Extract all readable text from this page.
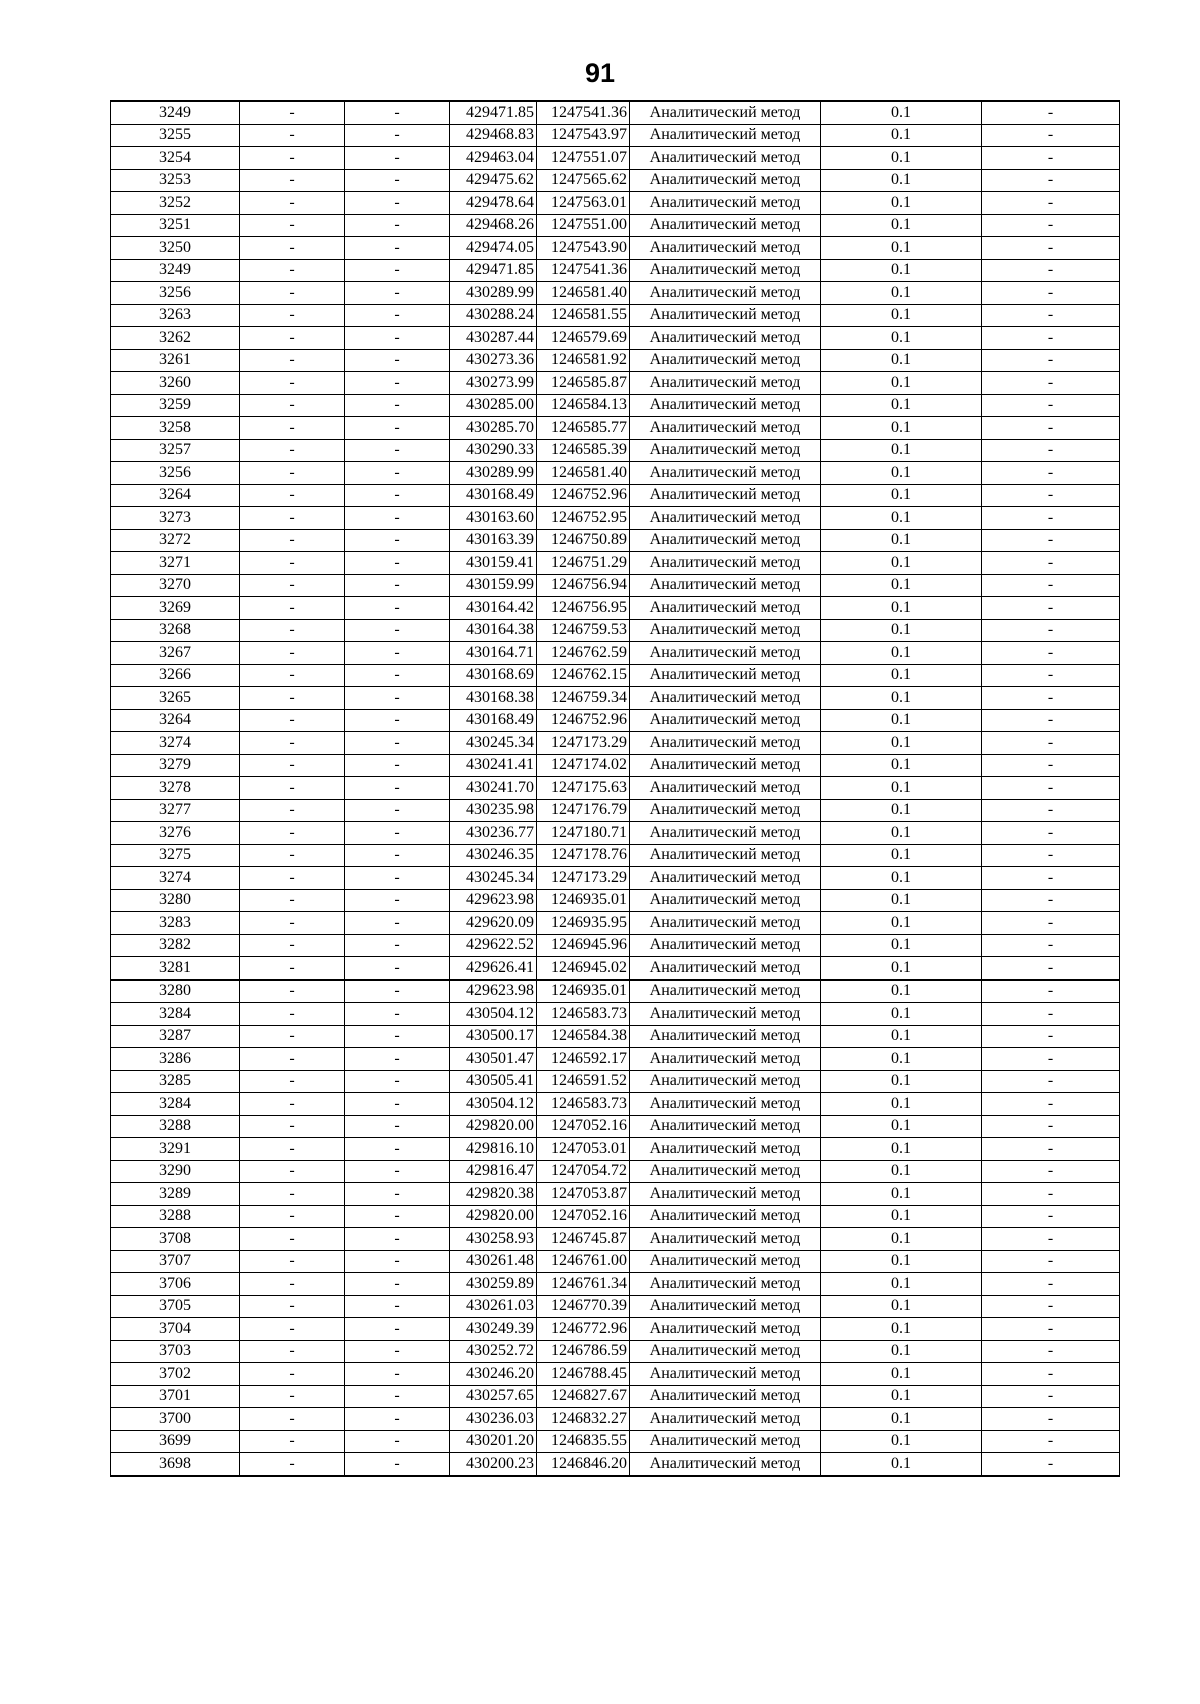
91
3249	-	-	429471.85	1247541.36	Аналитический метод	0.1	-
3255	-	-	429468.83	1247543.97	Аналитический метод	0.1	-
3254	-	-	429463.04	1247551.07	Аналитический метод	0.1	-
3253	-	-	429475.62	1247565.62	Аналитический метод	0.1	-
3252	-	-	429478.64	1247563.01	Аналитический метод	0.1	-
3251	-	-	429468.26	1247551.00	Аналитический метод	0.1	-
3250	-	-	429474.05	1247543.90	Аналитический метод	0.1	-
3249	-	-	429471.85	1247541.36	Аналитический метод	0.1	-
3256	-	-	430289.99	1246581.40	Аналитический метод	0.1	-
3263	-	-	430288.24	1246581.55	Аналитический метод	0.1	-
3262	-	-	430287.44	1246579.69	Аналитический метод	0.1	-
3261	-	-	430273.36	1246581.92	Аналитический метод	0.1	-
3260	-	-	430273.99	1246585.87	Аналитический метод	0.1	-
3259	-	-	430285.00	1246584.13	Аналитический метод	0.1	-
3258	-	-	430285.70	1246585.77	Аналитический метод	0.1	-
3257	-	-	430290.33	1246585.39	Аналитический метод	0.1	-
3256	-	-	430289.99	1246581.40	Аналитический метод	0.1	-
3264	-	-	430168.49	1246752.96	Аналитический метод	0.1	-
3273	-	-	430163.60	1246752.95	Аналитический метод	0.1	-
3272	-	-	430163.39	1246750.89	Аналитический метод	0.1	-
3271	-	-	430159.41	1246751.29	Аналитический метод	0.1	-
3270	-	-	430159.99	1246756.94	Аналитический метод	0.1	-
3269	-	-	430164.42	1246756.95	Аналитический метод	0.1	-
3268	-	-	430164.38	1246759.53	Аналитический метод	0.1	-
3267	-	-	430164.71	1246762.59	Аналитический метод	0.1	-
3266	-	-	430168.69	1246762.15	Аналитический метод	0.1	-
3265	-	-	430168.38	1246759.34	Аналитический метод	0.1	-
3264	-	-	430168.49	1246752.96	Аналитический метод	0.1	-
3274	-	-	430245.34	1247173.29	Аналитический метод	0.1	-
3279	-	-	430241.41	1247174.02	Аналитический метод	0.1	-
3278	-	-	430241.70	1247175.63	Аналитический метод	0.1	-
3277	-	-	430235.98	1247176.79	Аналитический метод	0.1	-
3276	-	-	430236.77	1247180.71	Аналитический метод	0.1	-
3275	-	-	430246.35	1247178.76	Аналитический метод	0.1	-
3274	-	-	430245.34	1247173.29	Аналитический метод	0.1	-
3280	-	-	429623.98	1246935.01	Аналитический метод	0.1	-
3283	-	-	429620.09	1246935.95	Аналитический метод	0.1	-
3282	-	-	429622.52	1246945.96	Аналитический метод	0.1	-
3281	-	-	429626.41	1246945.02	Аналитический метод	0.1	-
3280	-	-	429623.98	1246935.01	Аналитический метод	0.1	-
3284	-	-	430504.12	1246583.73	Аналитический метод	0.1	-
3287	-	-	430500.17	1246584.38	Аналитический метод	0.1	-
3286	-	-	430501.47	1246592.17	Аналитический метод	0.1	-
3285	-	-	430505.41	1246591.52	Аналитический метод	0.1	-
3284	-	-	430504.12	1246583.73	Аналитический метод	0.1	-
3288	-	-	429820.00	1247052.16	Аналитический метод	0.1	-
3291	-	-	429816.10	1247053.01	Аналитический метод	0.1	-
3290	-	-	429816.47	1247054.72	Аналитический метод	0.1	-
3289	-	-	429820.38	1247053.87	Аналитический метод	0.1	-
3288	-	-	429820.00	1247052.16	Аналитический метод	0.1	-
3708	-	-	430258.93	1246745.87	Аналитический метод	0.1	-
3707	-	-	430261.48	1246761.00	Аналитический метод	0.1	-
3706	-	-	430259.89	1246761.34	Аналитический метод	0.1	-
3705	-	-	430261.03	1246770.39	Аналитический метод	0.1	-
3704	-	-	430249.39	1246772.96	Аналитический метод	0.1	-
3703	-	-	430252.72	1246786.59	Аналитический метод	0.1	-
3702	-	-	430246.20	1246788.45	Аналитический метод	0.1	-
3701	-	-	430257.65	1246827.67	Аналитический метод	0.1	-
3700	-	-	430236.03	1246832.27	Аналитический метод	0.1	-
3699	-	-	430201.20	1246835.55	Аналитический метод	0.1	-
3698	-	-	430200.23	1246846.20	Аналитический метод	0.1	-
